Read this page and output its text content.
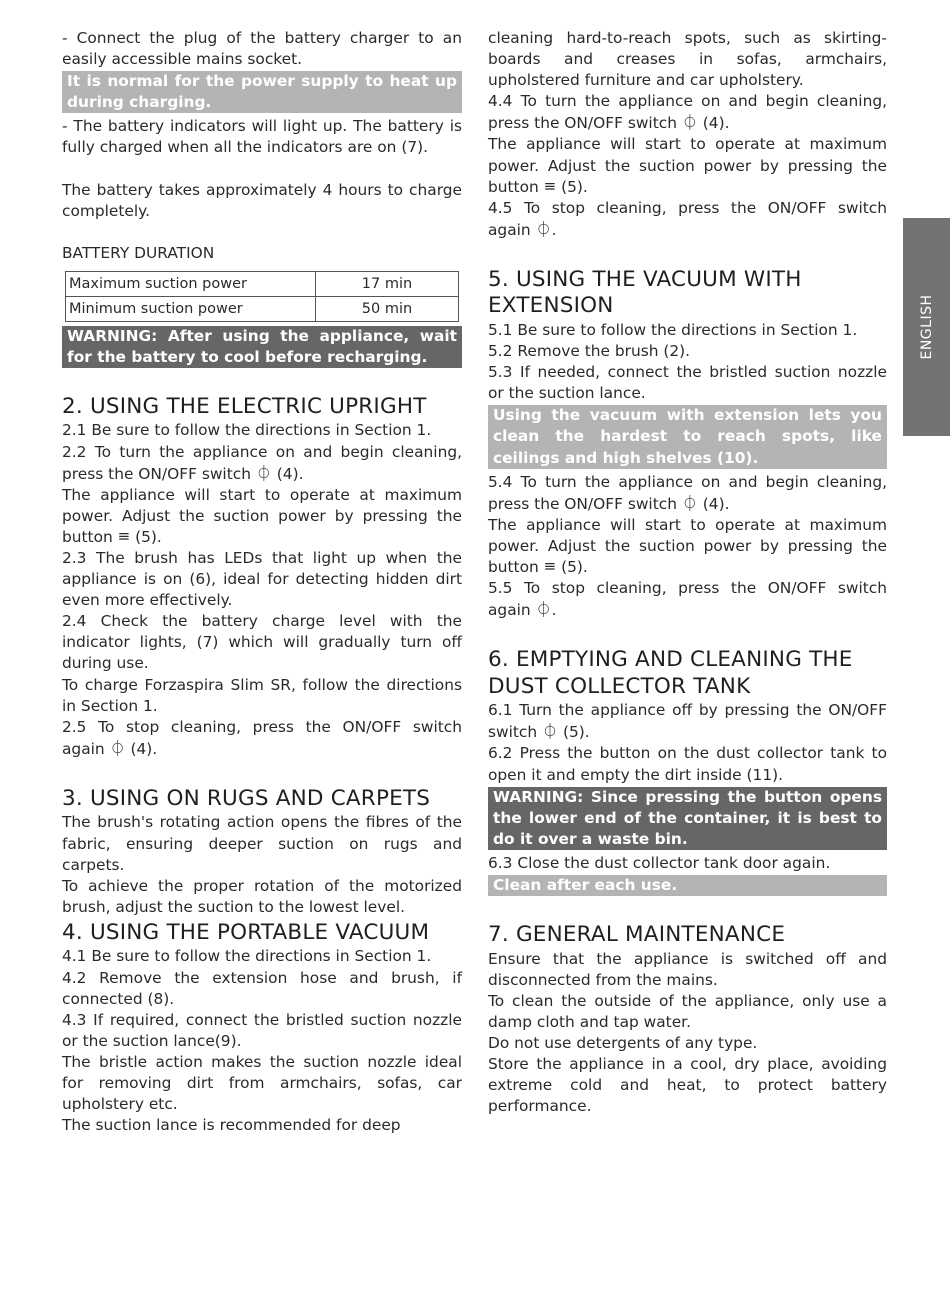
- Connect the plug of the battery charger to an easily accessible mains socket.

It is normal for the power supply to heat up during charging.

- The battery indicators will light up. The battery is fully charged when all the indicators are on (7).

The battery takes approximately 4 hours to charge completely.

BATTERY DURATION
Maximum suction power	17 min
Minimum suction power	50 min
WARNING: After using the appliance, wait for the battery to cool before recharging.
2. USING THE ELECTRIC UPRIGHT

2.1 Be sure to follow the directions in Section 1.

2.2 To turn the appliance on and begin cleaning, press the ON/OFF switch ⏀ (4).

The appliance will start to operate at maximum power. Adjust the suction power by pressing the button ≡ (5).

2.3 The brush has LEDs that light up when the appliance is on (6), ideal for detecting hidden dirt even more effectively.

2.4 Check the battery charge level with the indicator lights, (7) which will gradually turn off during use.

To charge Forzaspira Slim SR, follow the directions in Section 1.

2.5 To stop cleaning, press the ON/OFF switch again ⏀ (4).

3. USING ON RUGS AND CARPETS

The brush's rotating action opens the fibres of the fabric, ensuring deeper suction on rugs and carpets.

To achieve the proper rotation of the motorized brush, adjust the suction to the lowest level.

4. USING THE PORTABLE VACUUM

4.1 Be sure to follow the directions in Section 1.

4.2 Remove the extension hose and brush, if connected (8).

4.3 If required, connect the bristled suction nozzle or the suction lance(9).

The bristle action makes the suction nozzle ideal for removing dirt from armchairs, sofas, car upholstery etc.

The suction lance is recommended for deep

cleaning hard-to-reach spots, such as skirting-boards and creases in sofas, armchairs, upholstered furniture and car upholstery.

4.4 To turn the appliance on and begin cleaning, press the ON/OFF switch ⏀ (4).

The appliance will start to operate at maximum power. Adjust the suction power by pressing the button ≡ (5).

4.5 To stop cleaning, press the ON/OFF switch again ⏀.

5. USING THE VACUUM WITH EXTENSION

5.1 Be sure to follow the directions in Section 1.

5.2 Remove the brush (2).

5.3 If needed, connect the bristled suction nozzle or the suction lance.

Using the vacuum with extension lets you clean the hardest to reach spots, like ceilings and high shelves (10).

5.4 To turn the appliance on and begin cleaning, press the ON/OFF switch ⏀ (4).

The appliance will start to operate at maximum power. Adjust the suction power by pressing the button ≡ (5).

5.5 To stop cleaning, press the ON/OFF switch again ⏀.

6. EMPTYING AND CLEANING THE DUST COLLECTOR TANK

6.1 Turn the appliance off by pressing the ON/OFF switch ⏀ (5).

6.2 Press the button on the dust collector tank to open it and empty the dirt inside (11).

WARNING: Since pressing the button opens the lower end of the container, it is best to do it over a waste bin.

6.3 Close the dust collector tank door again.

Clean after each use.
7. GENERAL MAINTENANCE

Ensure that the appliance is switched off and disconnected from the mains.

To clean the outside of the appliance, only use a damp cloth and tap water.

Do not use detergents of any type.

Store the appliance in a cool, dry place, avoiding extreme cold and heat, to protect battery performance.

ENGLISH
